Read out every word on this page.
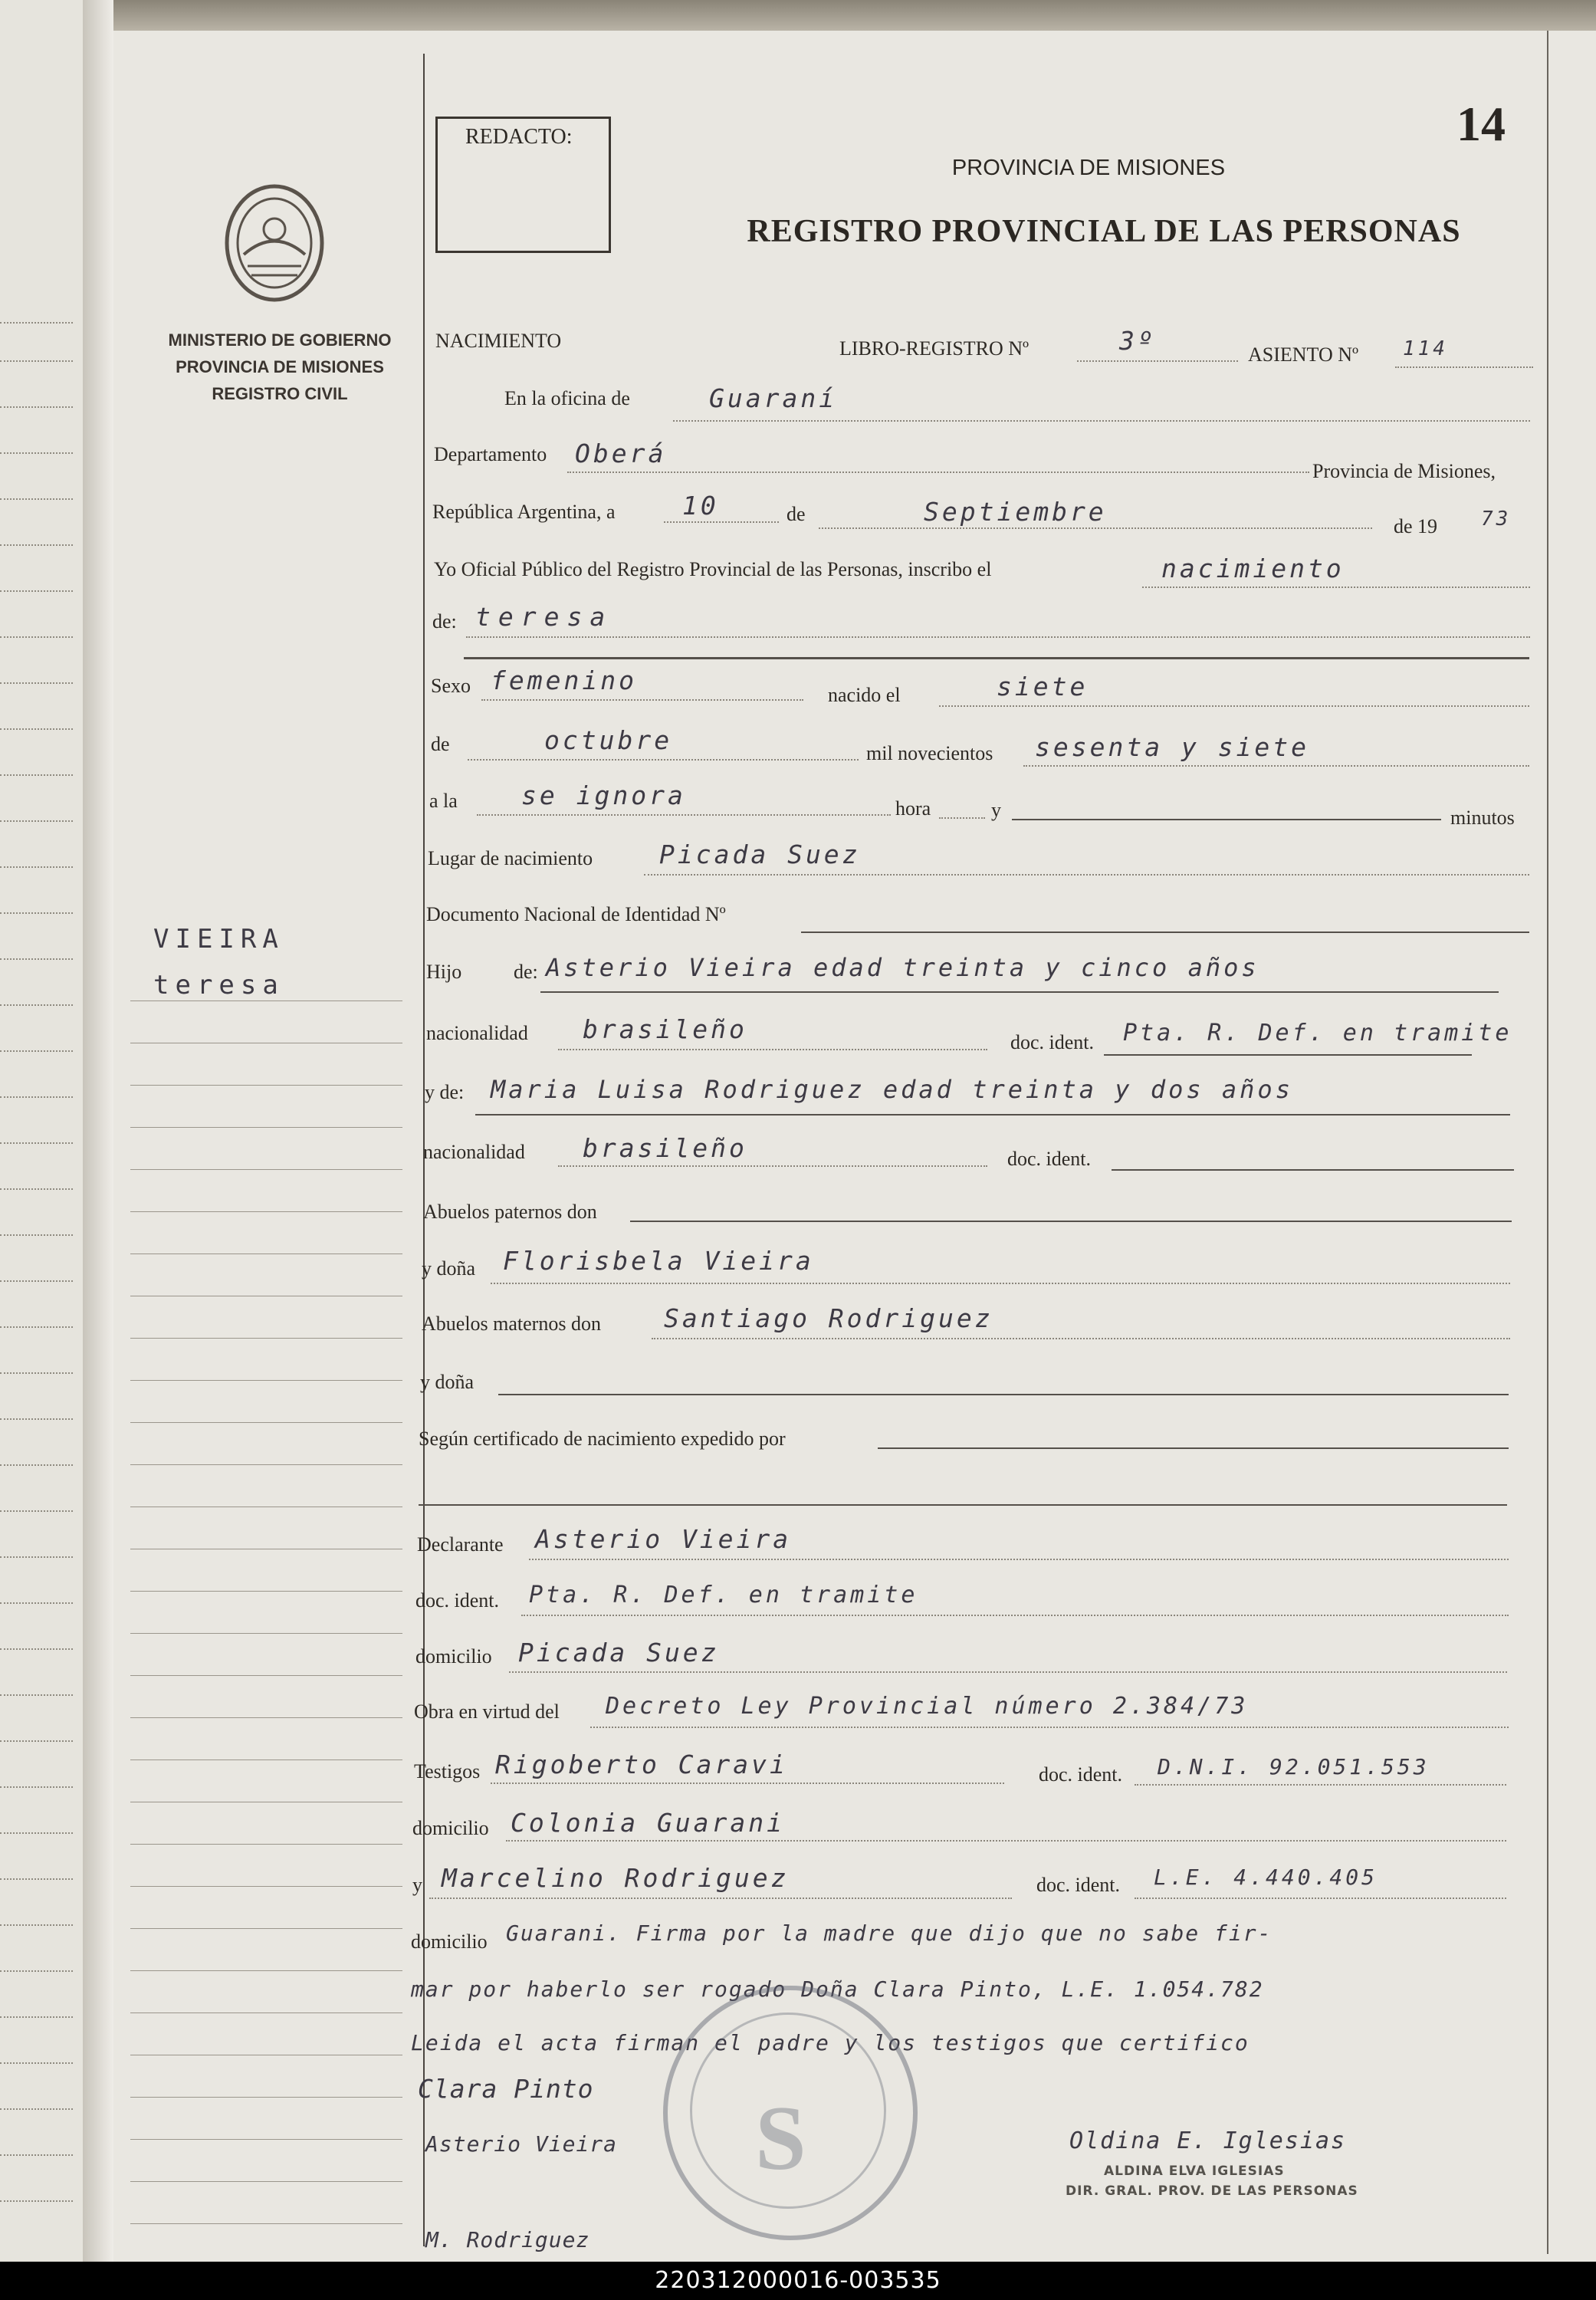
MINISTERIO DE GOBIERNO
PROVINCIA DE MISIONES
REGISTRO CIVIL
VIEIRA
teresa
REDACTO:	14
PROVINCIA DE MISIONES
REGISTRO PROVINCIAL DE LAS PERSONAS
NACIMIENTO	LIBRO-REGISTRO Nº	3º	ASIENTO Nº 114
En la oficina de	Guaraní
Departamento Oberá
Provincia de Misiones,
República Argentina, a	10	de	Septiembre	de 19 73
Yo Oficial Público del Registro Provincial de las Personas, inscribo el	nacimiento
de: teresa
Sexo femenino	nacido el	siete
de	octubre	mil novecientos sesenta y siete
a la	se ignora	hora	y	minutos
Lugar de nacimiento	Picada Suez
Documento Nacional de Identidad Nº
Hijo	de: Asterio Vieira edad treinta y cinco años
nacionalidad brasileño	doc. ident. Pta. R. Def. en tramite
y de: Maria Luisa Rodriguez edad treinta y dos años
nacionalidad brasileño	doc. ident.
Abuelos paternos don
y doña Florisbela Vieira
Abuelos maternos don Santiago Rodriguez
y doña
Según certificado de nacimiento expedido por
Declarante Asterio Vieira
doc. ident. Pta. R. Def. en tramite
domicilio Picada Suez
Obra en virtud del Decreto Ley Provincial número 2.384/73
Testigos Rigoberto Caravi	doc. ident. D.N.I. 92.051.553
domicilio Colonia Guarani
y Marcelino Rodriguez	doc. ident. L.E. 4.440.405
domicilio Guarani. Firma por la madre que dijo que no sabe fir-
mar por haberlo ser rogado Doña Clara Pinto, L.E. 1.054.782
Leida el acta firman el padre y los testigos que certifico
S
Clara Pinto
Asterio Vieira
M. Rodriguez
Oldina E. Iglesias
ALDINA ELVA IGLESIAS
DIR. GRAL. PROV. DE LAS PERSONAS
220312000016-003535
